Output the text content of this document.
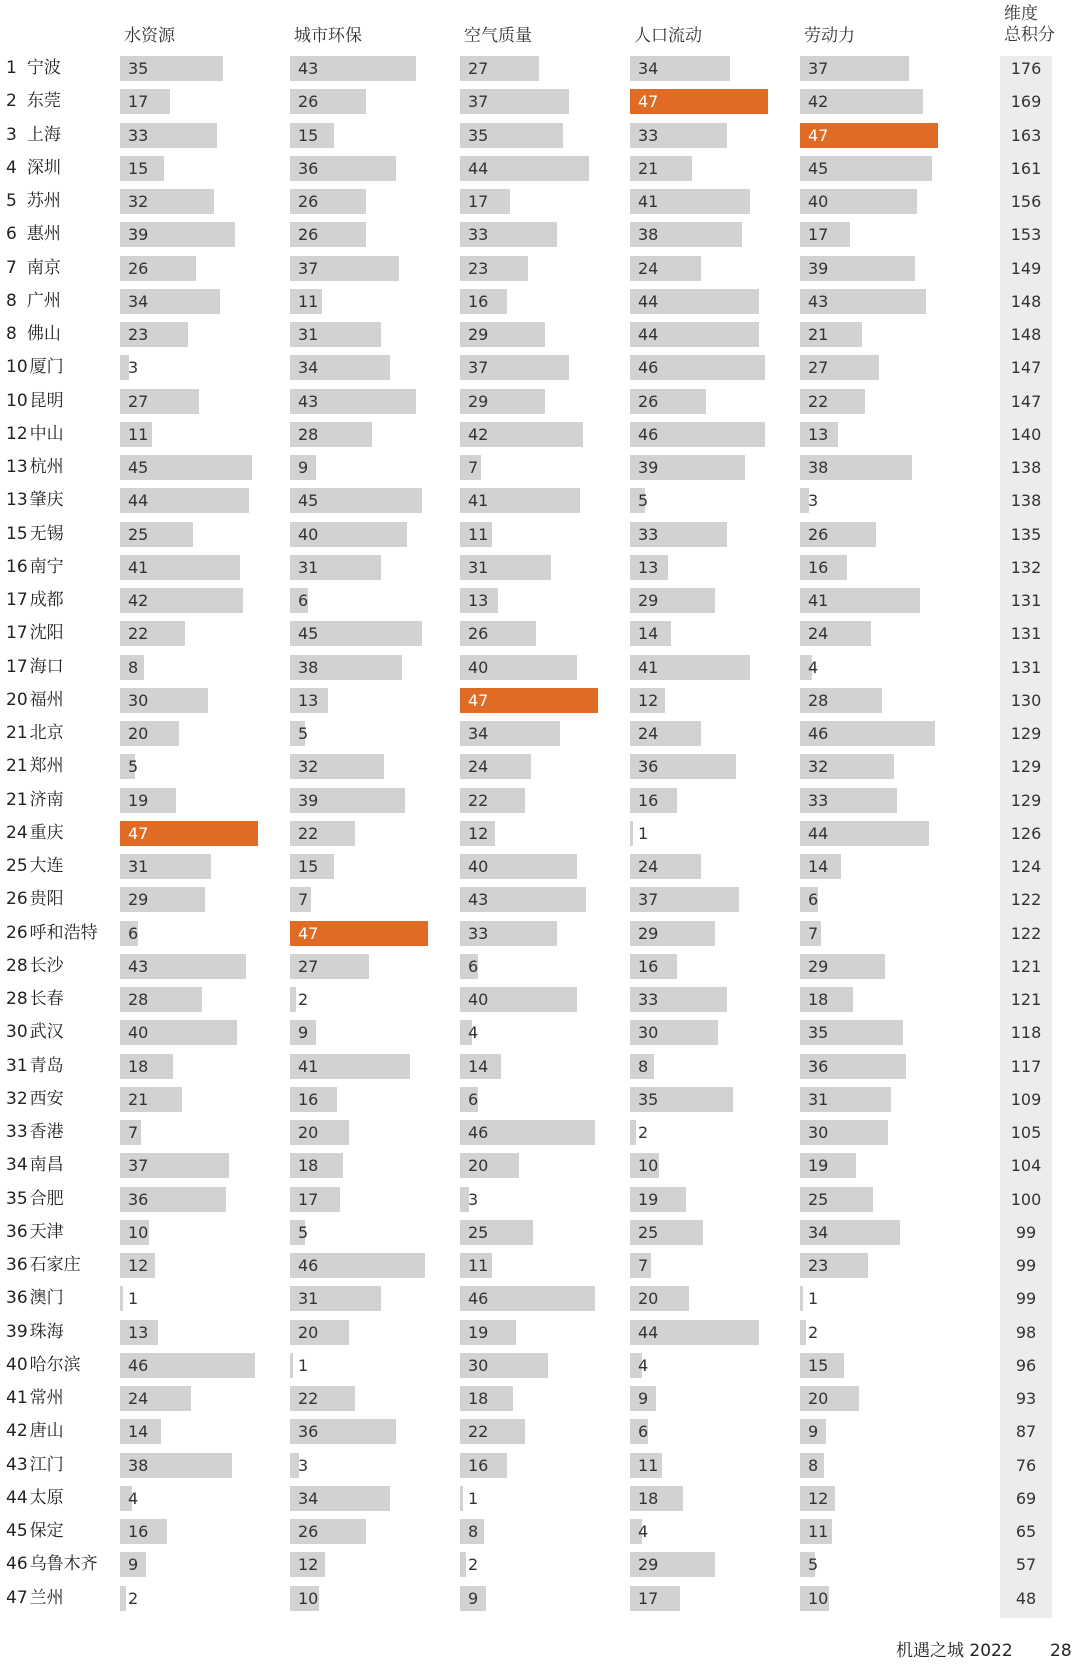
水资源	城市环保	空气质量	人口流动	劳动力
维度
总积分
1 宁波	35	43	27	34	37	176
2 东莞	17	26	37	47	42	169
3 上海	33	15	35	33	47	163
4 深圳	15	36	44	21	45	161
5 苏州	32	26	17	41	40	156
6 惠州	39	26	33	38	17	153
7 南京	26	37	23	24	39	149
8 广州	34	11	16	44	43	148
8 佛山	23	31	29	44	21	148
10 厦门	3	34	37	46	27	147
10 昆明	27	43	29	26	22	147
12 中山	11	28	42	46	13	140
13 杭州	45	9	7	39	38	138
13 肇庆	44	45	41	5	3	138
15 无锡	25	40	11	33	26	135
16 南宁	41	31	31	13	16	132
17 成都	42	6	13	29	41	131
17 沈阳	22	45	26	14	24	131
17 海口	8	38	40	41	4	131
20 福州	30	13	47	12	28	130
21 北京	20	5	34	24	46	129
21 郑州	5	32	24	36	32	129
21 济南	19	39	22	16	33	129
24 重庆	47	22	12	1	44	126
25 大连	31	15	40	24	14	124
26 贵阳	29	7	43	37	6	122
26 呼和浩特	6	47	33	29	7	122
28 长沙	43	27	6	16	29	121
28 长春	28	2	40	33	18	121
30 武汉	40	9	4	30	35	118
31 青岛	18	41	14	8	36	117
32 西安	21	16	6	35	31	109
33 香港	7	20	46	2	30	105
34 南昌	37	18	20	10	19	104
35 合肥	36	17	3	19	25	100
36 天津	10	5	25	25	34	99
36 石家庄	12	46	11	7	23	99
36 澳门	1	31	46	20	1	99
39 珠海	13	20	19	44	2	98
40 哈尔滨	46	1	30	4	15	96
41 常州	24	22	18	9	20	93
42 唐山	14	36	22	6	9	87
43 江门	38	3	16	11	8	76
44 太原	4	34	1	18	12	69
45 保定	16	26	8	4	11	65
46 乌鲁木齐	9	12	2	29	5	57
47 兰州	2	10	9	17	10	48
机遇之城 2022 28
